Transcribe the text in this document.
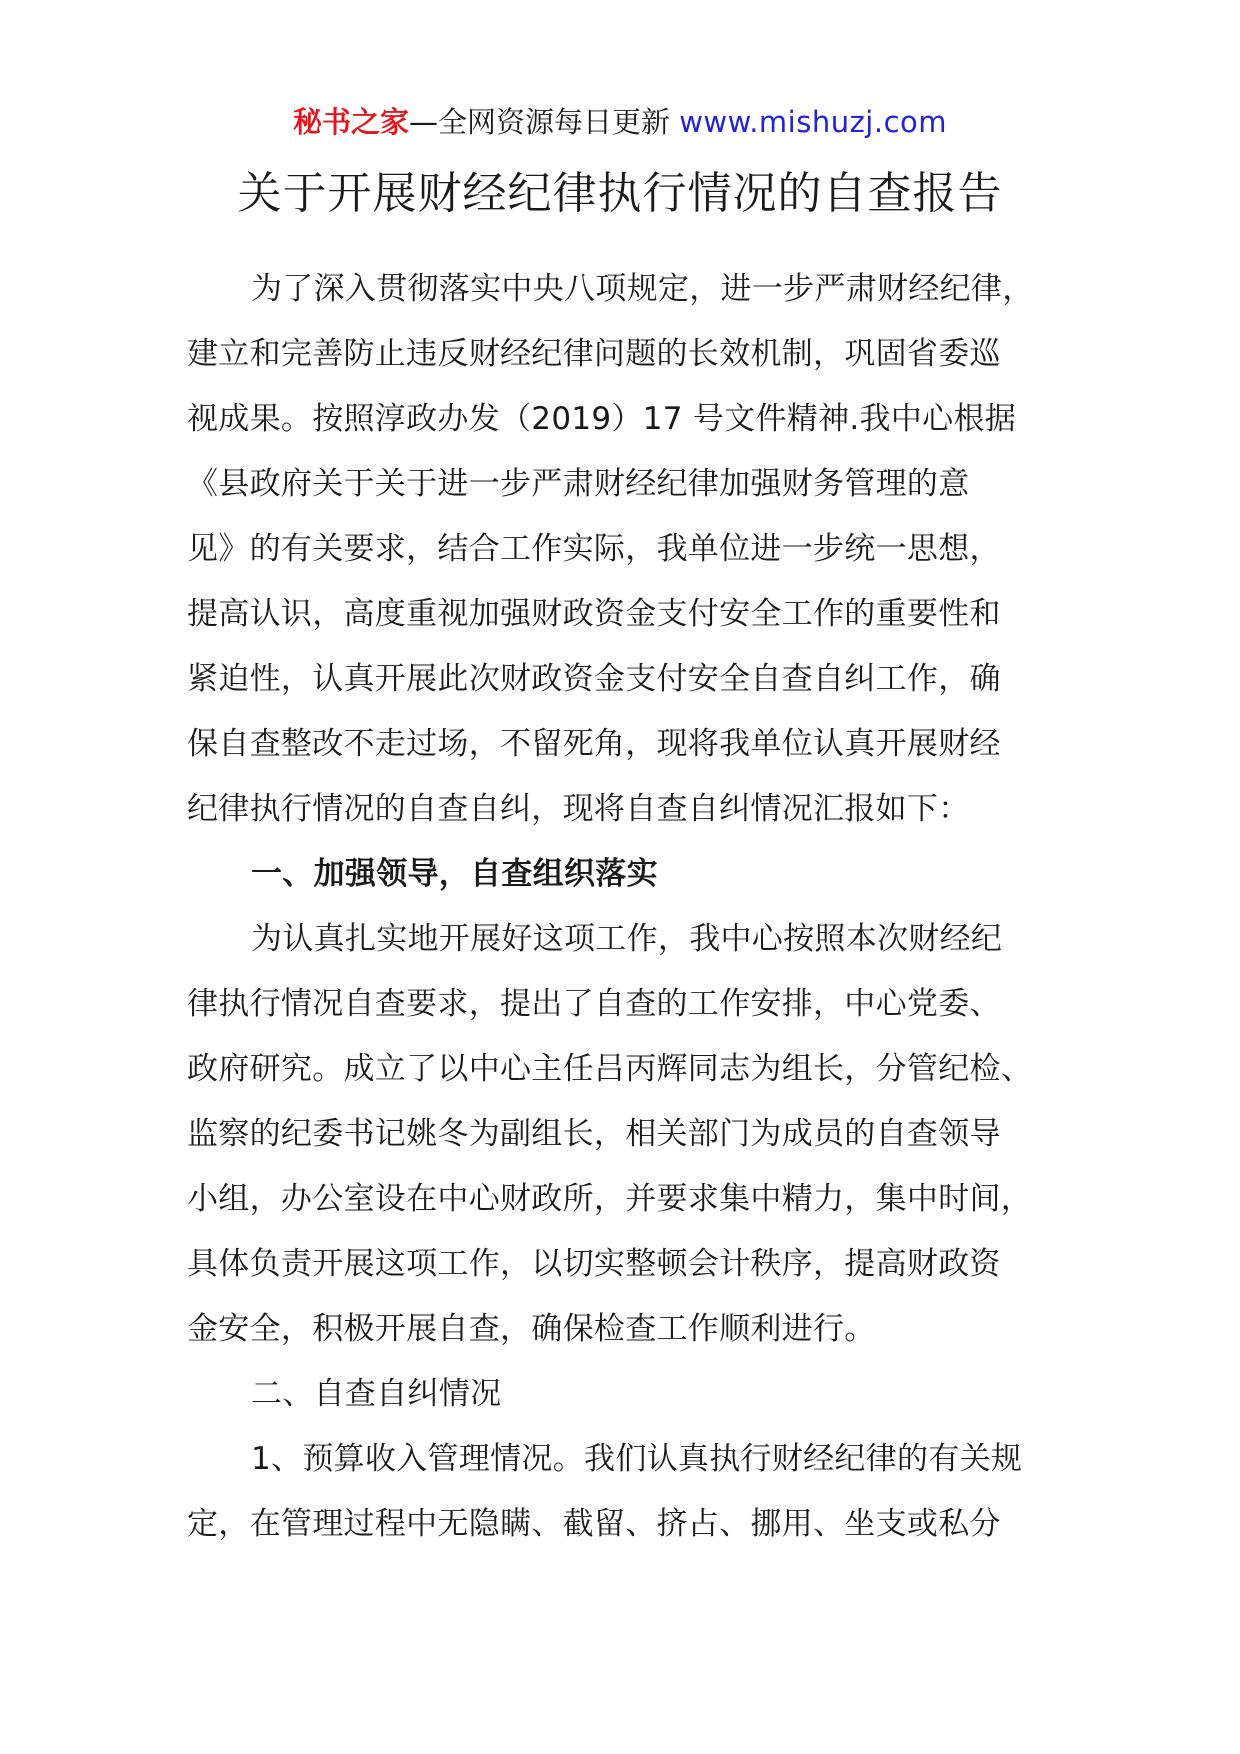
秘书之家—全网资源每日更新 www.mishuzj.com
关于开展财经纪律执行情况的自查报告
为了深入贯彻落实中央八项规定，进一步严肃财经纪律，
建立和完善防止违反财经纪律问题的长效机制，巩固省委巡
视成果。按照淳政办发（2019）17 号文件精神.我中心根据
《县政府关于关于进一步严肃财经纪律加强财务管理的意
见》的有关要求，结合工作实际，我单位进一步统一思想，
提高认识，高度重视加强财政资金支付安全工作的重要性和
紧迫性，认真开展此次财政资金支付安全自查自纠工作，确
保自查整改不走过场，不留死角，现将我单位认真开展财经
纪律执行情况的自查自纠，现将自查自纠情况汇报如下：
一、加强领导，自查组织落实
为认真扎实地开展好这项工作，我中心按照本次财经纪
律执行情况自查要求，提出了自查的工作安排，中心党委、
政府研究。成立了以中心主任吕丙辉同志为组长，分管纪检、
监察的纪委书记姚冬为副组长，相关部门为成员的自查领导
小组，办公室设在中心财政所，并要求集中精力，集中时间，
具体负责开展这项工作，以切实整顿会计秩序，提高财政资
金安全，积极开展自查，确保检查工作顺利进行。
二、自查自纠情况
1、预算收入管理情况。我们认真执行财经纪律的有关规
定，在管理过程中无隐瞒、截留、挤占、挪用、坐支或私分
